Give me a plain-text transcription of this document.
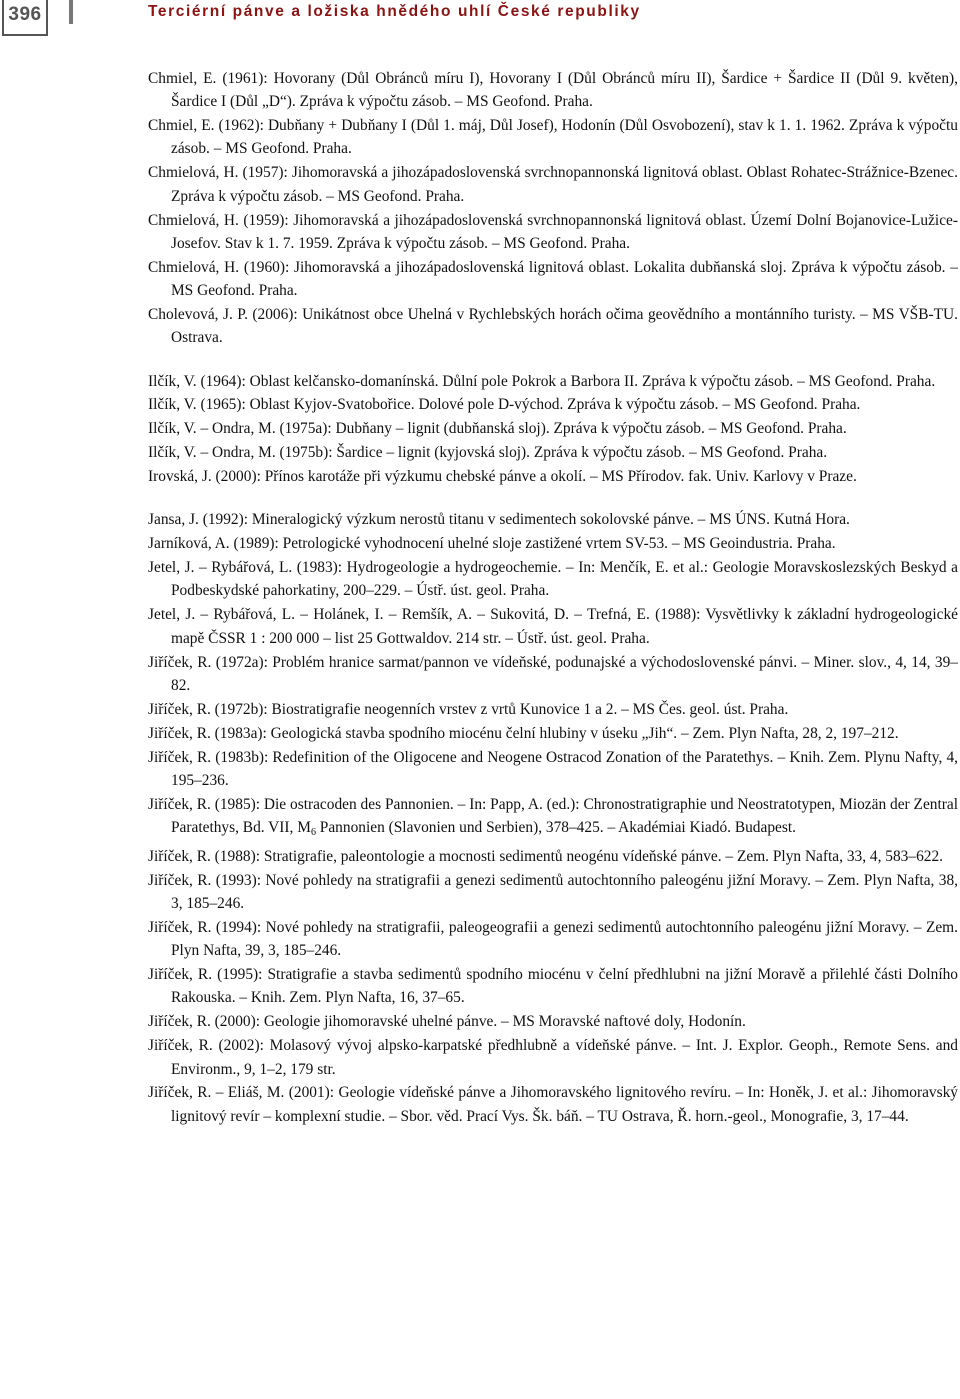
396	Terciérní pánve a ložiska hnědého uhlí České republiky
Chmiel, E. (1961): Hovorany (Důl Obránců míru I), Hovorany I (Důl Obránců míru II), Šardice + Šardice II (Důl 9. květen), Šardice I (Důl „D“). Zpráva k výpočtu zásob. – MS Geofond. Praha.
Chmiel, E. (1962): Dubňany + Dubňany I (Důl 1. máj, Důl Josef), Hodonín (Důl Osvobození), stav k 1. 1. 1962. Zpráva k výpočtu zásob. – MS Geofond. Praha.
Chmielová, H. (1957): Jihomoravská a jihozápadoslovenská svrchnopannonská lignitová oblast. Oblast Rohatec-Strážnice-Bzenec. Zpráva k výpočtu zásob. – MS Geofond. Praha.
Chmielová, H. (1959): Jihomoravská a jihozápadoslovenská svrchnopannonská lignitová oblast. Území Dolní Bojanovice-Lužice-Josefov. Stav k 1. 7. 1959. Zpráva k výpočtu zásob. – MS Geofond. Praha.
Chmielová, H. (1960): Jihomoravská a jihozápadoslovenská lignitová oblast. Lokalita dubňanská sloj. Zpráva k výpočtu zásob. – MS Geofond. Praha.
Cholevová, J. P. (2006): Unikátnost obce Uhelná v Rychlebských horách očima geovědního a montánního turisty. – MS VŠB-TU. Ostrava.
Ilčík, V. (1964): Oblast kelčansko-domanínská. Důlní pole Pokrok a Barbora II. Zpráva k výpočtu zásob. – MS Geofond. Praha.
Ilčík, V. (1965): Oblast Kyjov-Svatobořice. Dolové pole D-východ. Zpráva k výpočtu zásob. – MS Geofond. Praha.
Ilčík, V. – Ondra, M. (1975a): Dubňany – lignit (dubňanská sloj). Zpráva k výpočtu zásob. – MS Geofond. Praha.
Ilčík, V. – Ondra, M. (1975b): Šardice – lignit (kyjovská sloj). Zpráva k výpočtu zásob. – MS Geofond. Praha.
Irovská, J. (2000): Přínos karotáže při výzkumu chebské pánve a okolí. – MS Přírodov. fak. Univ. Karlovy v Praze.
Jansa, J. (1992): Mineralogický výzkum nerostů titanu v sedimentech sokolovské pánve. – MS ÚNS. Kutná Hora.
Jarníková, A. (1989): Petrologické vyhodnocení uhelné sloje zastižené vrtem SV-53. – MS Geoindustria. Praha.
Jetel, J. – Rybářová, L. (1983): Hydrogeologie a hydrogeochemie. – In: Menčík, E. et al.: Geologie Moravskoslezských Beskyd a Podbeskydské pahorkatiny, 200–229. – Ústř. úst. geol. Praha.
Jetel, J. – Rybářová, L. – Holánek, I. – Remšík, A. – Sukovitá, D. – Trefná, E. (1988): Vysvětlivky k základní hydrogeologické mapě ČSSR 1 : 200 000 – list 25 Gottwaldov. 214 str. – Ústř. úst. geol. Praha.
Jiříček, R. (1972a): Problém hranice sarmat/pannon ve vídeňské, podunajské a východoslovenské pánvi. – Miner. slov., 4, 14, 39–82.
Jiříček, R. (1972b): Biostratigrafie neogenních vrstev z vrtů Kunovice 1 a 2. – MS Čes. geol. úst. Praha.
Jiříček, R. (1983a): Geologická stavba spodního miocénu čelní hlubiny v úseku „Jih“. – Zem. Plyn Nafta, 28, 2, 197–212.
Jiříček, R. (1983b): Redefinition of the Oligocene and Neogene Ostracod Zonation of the Paratethys. – Knih. Zem. Plynu Nafty, 4, 195–236.
Jiříček, R. (1985): Die ostracoden des Pannonien. – In: Papp, A. (ed.): Chronostratigraphie und Neostratotypen, Miozän der Zentral Paratethys, Bd. VII, $M_6$ Pannonien (Slavonien und Serbien), 378–425. – Akadémiai Kiadó. Budapest.
Jiříček, R. (1988): Stratigrafie, paleontologie a mocnosti sedimentů neogénu vídeňské pánve. – Zem. Plyn Nafta, 33, 4, 583–622.
Jiříček, R. (1993): Nové pohledy na stratigrafii a genezi sedimentů autochtonního paleogénu jižní Moravy. – Zem. Plyn Nafta, 38, 3, 185–246.
Jiříček, R. (1994): Nové pohledy na stratigrafii, paleogeografii a genezi sedimentů autochtonního paleogénu jižní Moravy. – Zem. Plyn Nafta, 39, 3, 185–246.
Jiříček, R. (1995): Stratigrafie a stavba sedimentů spodního miocénu v čelní předhlubni na jižní Moravě a přilehlé části Dolního Rakouska. – Knih. Zem. Plyn Nafta, 16, 37–65.
Jiříček, R. (2000): Geologie jihomoravské uhelné pánve. – MS Moravské naftové doly, Hodonín.
Jiříček, R. (2002): Molasový vývoj alpsko-karpatské předhlubně a vídeňské pánve. – Int. J. Explor. Geoph., Remote Sens. and Environm., 9, 1–2, 179 str.
Jiříček, R. – Eliáš, M. (2001): Geologie vídeňské pánve a Jihomoravského lignitového revíru. – In: Honěk, J. et al.: Jihomoravský lignitový revír – komplexní studie. – Sbor. věd. Prací Vys. Šk. báň. – TU Ostrava, Ř. horn.-geol., Monografie, 3, 17–44.
